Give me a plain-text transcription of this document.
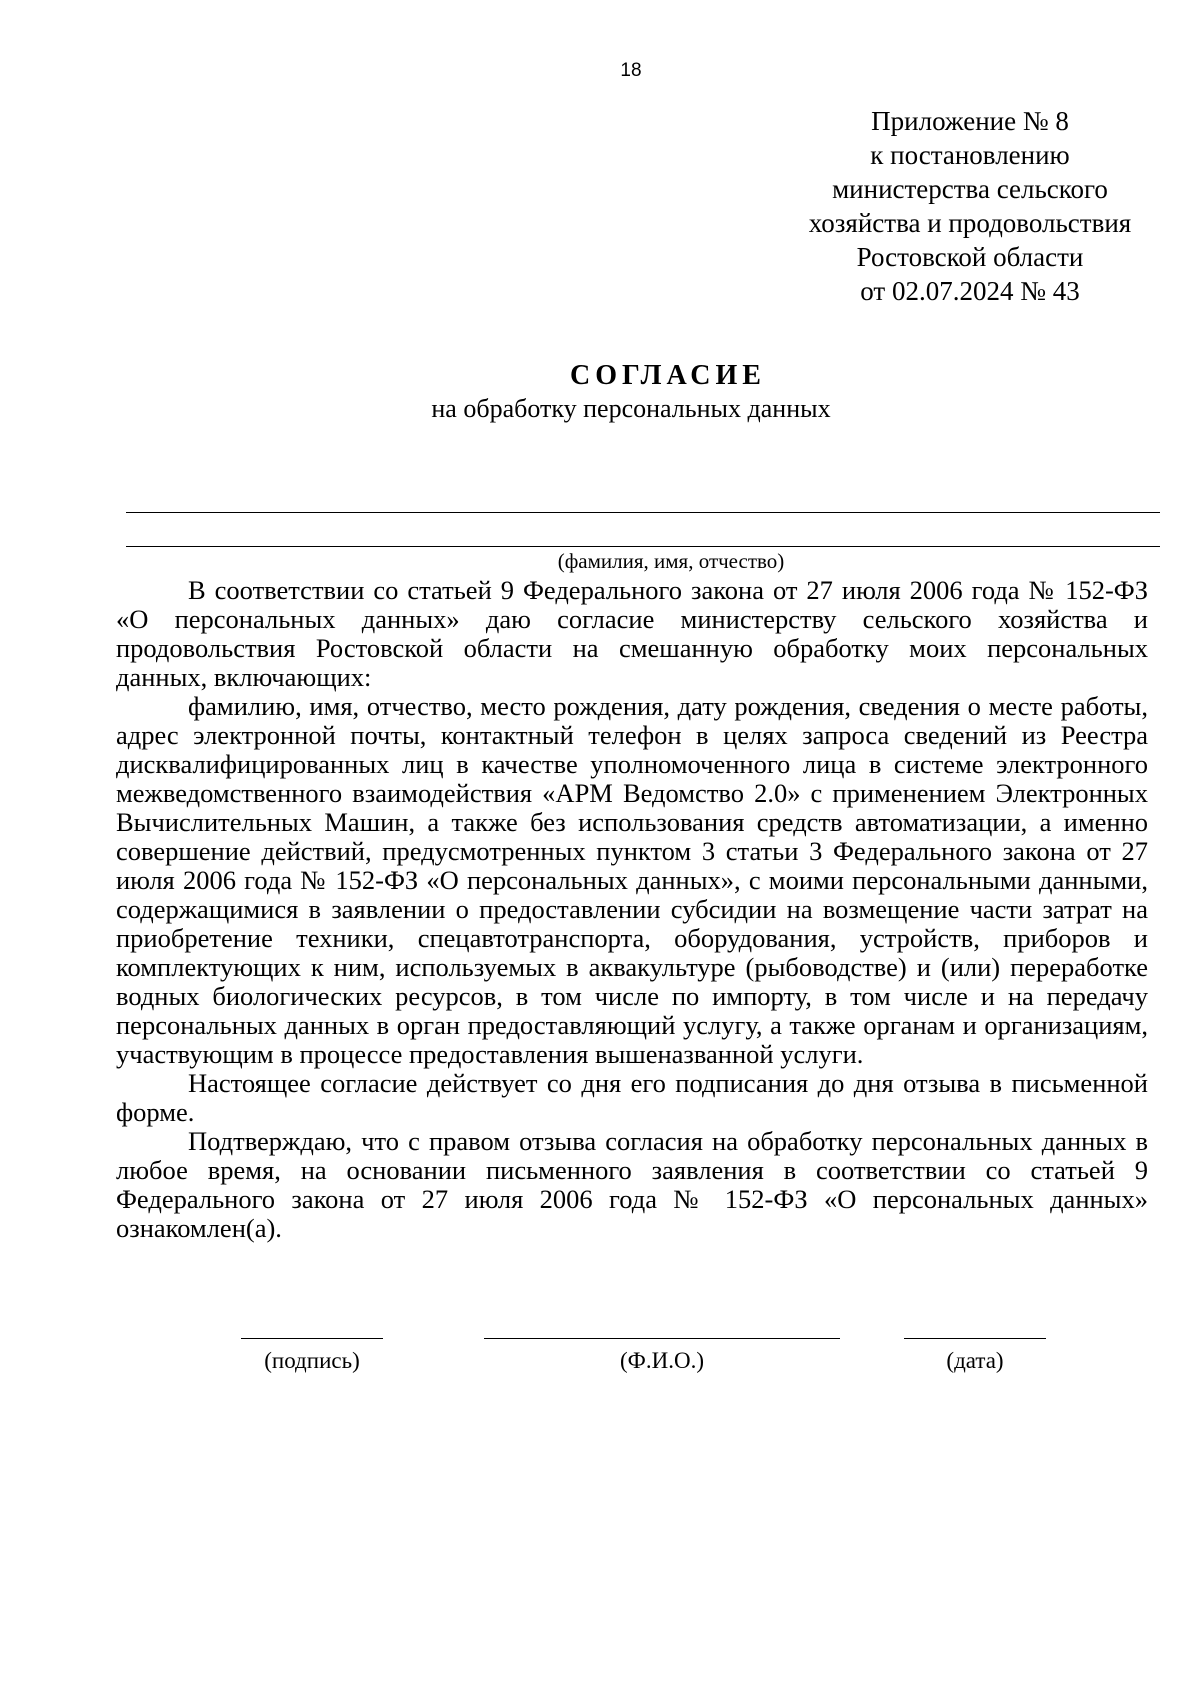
18
Приложение № 8
к постановлению
министерства сельского
хозяйства и продовольствия
Ростовской области
от 02.07.2024 № 43
СОГЛАСИЕ
на обработку персональных данных
(фамилия, имя, отчество)

В соответствии со статьей 9 Федерального закона от 27 июля 2006 года № 152-ФЗ «О персональных данных» даю согласие министерству сельского хозяйства и продовольствия Ростовской области на смешанную обработку моих персональных данных, включающих:

фамилию, имя, отчество, место рождения, дату рождения, сведения о месте работы, адрес электронной почты, контактный телефон в целях запроса сведений из Реестра дисквалифицированных лиц в качестве уполномоченного лица в системе электронного межведомственного взаимодействия «АРМ Ведомство 2.0» с применением Электронных Вычислительных Машин, а также без использования средств автоматизации, а именно совершение действий, предусмотренных пунктом 3 статьи 3 Федерального закона от 27 июля 2006 года № 152-ФЗ «О персональных данных», с моими персональными данными, содержащимися в заявлении о предоставлении субсидии на возмещение части затрат на приобретение техники, спецавтотранспорта, оборудования, устройств, приборов и комплектующих к ним, используемых в аквакультуре (рыбоводстве) и (или) переработке водных биологических ресурсов, в том числе по импорту, в том числе и на передачу персональных данных в орган предоставляющий услугу, а также органам и организациям, участвующим в процессе предоставления вышеназванной услуги.

Настоящее согласие действует со дня его подписания до дня отзыва в письменной форме.

Подтверждаю, что с правом отзыва согласия на обработку персональных данных в любое время, на основании письменного заявления в соответствии со статьей 9 Федерального закона от 27 июля 2006 года № 152-ФЗ «О персональных данных» ознакомлен(а).

(подпись)	(Ф.И.О.)	(дата)
